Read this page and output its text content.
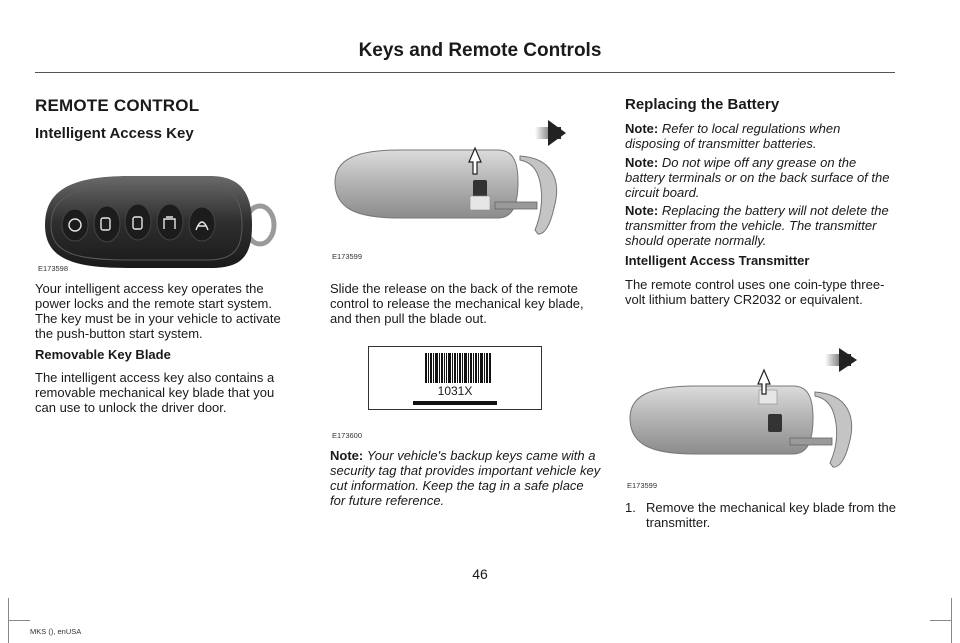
Keys and Remote Controls
REMOTE CONTROL
Intelligent Access Key
E173598
Your intelligent access key operates the power locks and the remote start system. The key must be in your vehicle to activate the push-button start system.
Removable Key Blade
The intelligent access key also contains a removable mechanical key blade that you can use to unlock the driver door.
E173599
Slide the release on the back of the remote control to release the mechanical key blade, and then pull the blade out.
1031X
E173600
Note: Your vehicle's backup keys came with a security tag that provides important vehicle key cut information. Keep the tag in a safe place for future reference.
Replacing the Battery
Note: Refer to local regulations when disposing of transmitter batteries.
Note: Do not wipe off any grease on the battery terminals or on the back surface of the circuit board.
Note: Replacing the battery will not delete the transmitter from the vehicle. The transmitter should operate normally.
Intelligent Access Transmitter
The remote control uses one coin-type three-volt lithium battery CR2032 or equivalent.
E173599
1. Remove the mechanical key blade from the transmitter.
46
MKS (), enUSA
